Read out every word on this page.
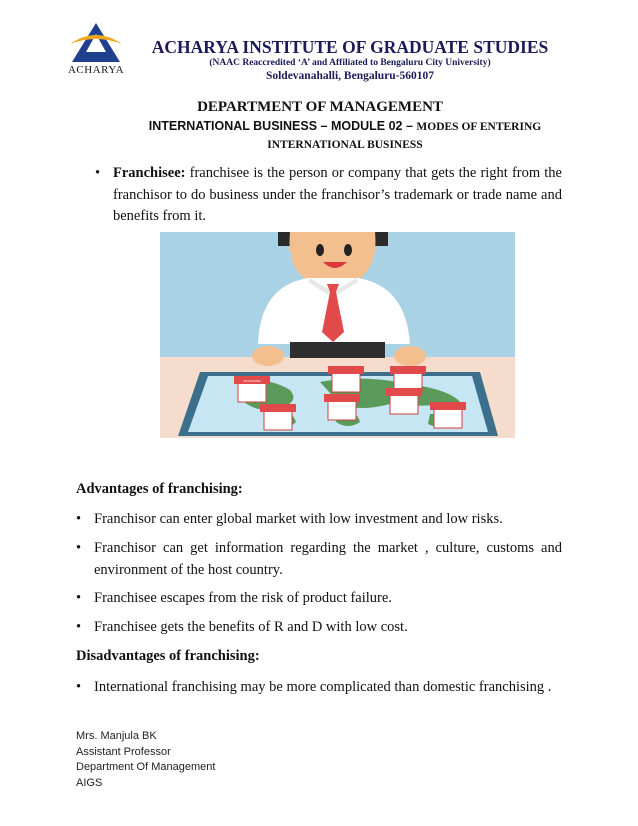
ACHARYA
ACHARYA INSTITUTE OF GRADUATE STUDIES
(NAAC Reaccredited ‘A’ and Affiliated to Bengaluru City University)
Soldevanahalli, Bengaluru-560107
DEPARTMENT OF MANAGEMENT
INTERNATIONAL BUSINESS – MODULE 02 – MODES OF ENTERING
INTERNATIONAL BUSINESS
• Franchisee: franchisee is the person or company that gets the right from the franchisor to do business under the franchisor’s trademark or trade name and benefits from it.
FRANCHISE
Advantages of franchising:
• Franchisor can enter global market with low investment and low risks.
• Franchisor can get information regarding the market , culture, customs and environment of the host country.
• Franchisee escapes from the risk of product failure.
• Franchisee gets the benefits of R and D with low cost.
Disadvantages of franchising:
• International franchising may be more complicated than domestic franchising .
Mrs. Manjula BK
Assistant Professor
Department Of Management
AIGS
